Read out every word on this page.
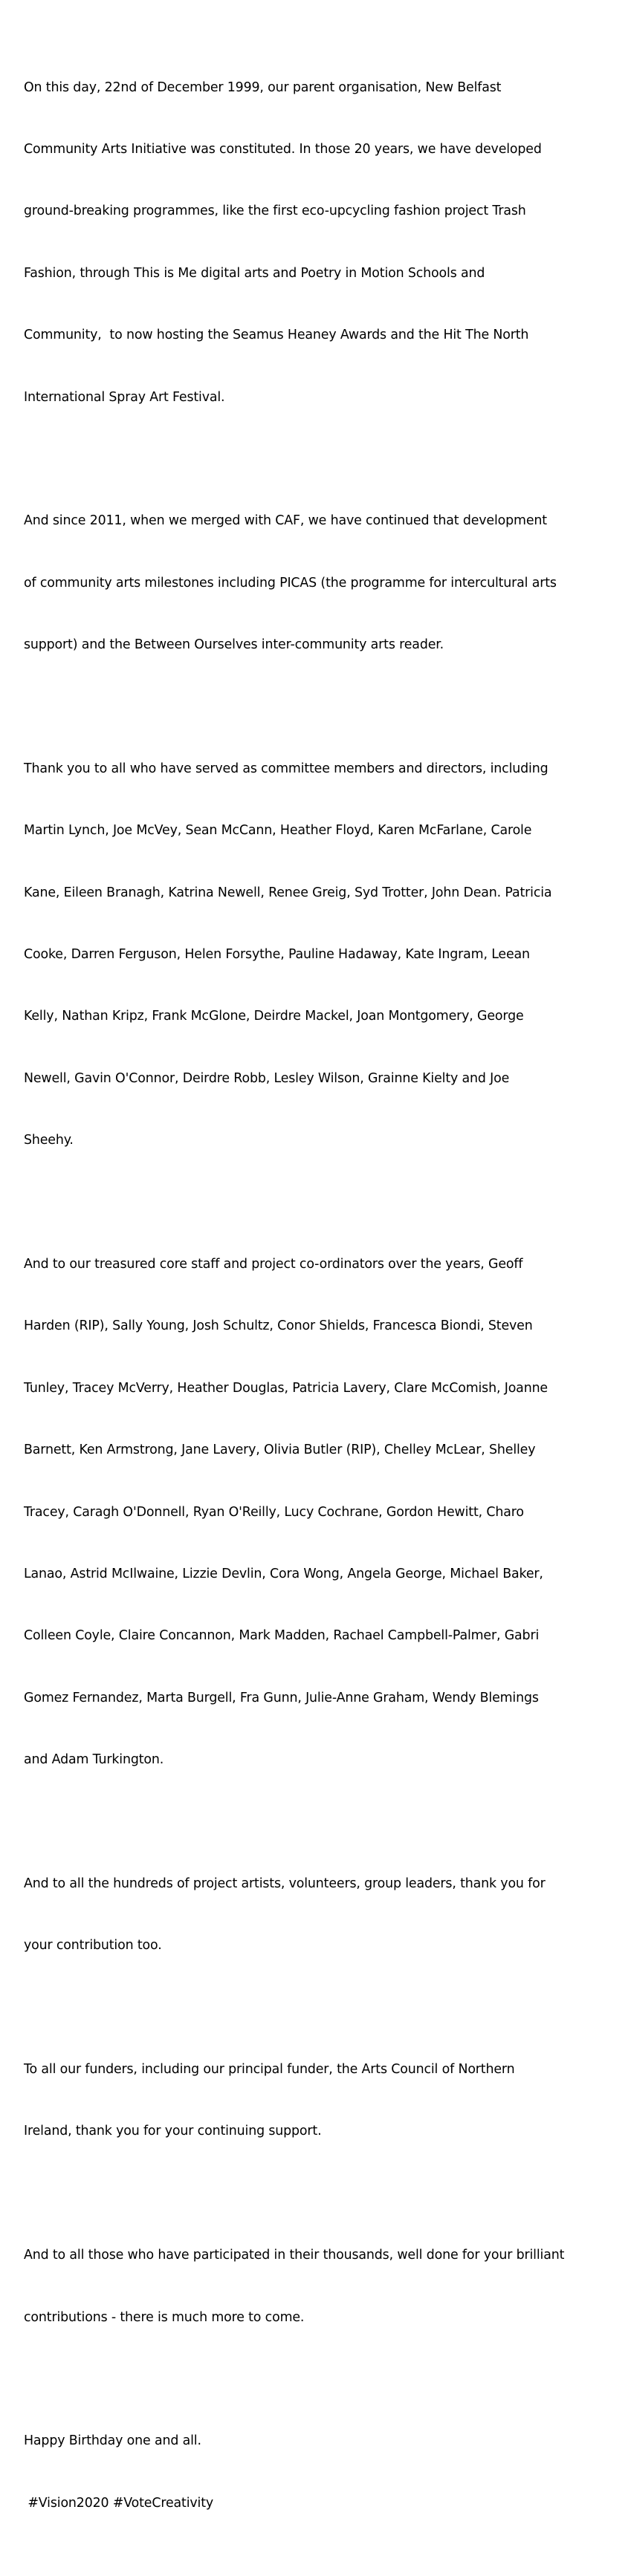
On this day, 22nd of December 1999, our parent organisation, New Belfast

Community Arts Initiative was constituted. In those 20 years, we have developed

ground-breaking programmes, like the first eco-upcycling fashion project Trash

Fashion, through This is Me digital arts and Poetry in Motion Schools and

Community,  to now hosting the Seamus Heaney Awards and the Hit The North

International Spray Art Festival.

And since 2011, when we merged with CAF, we have continued that development

of community arts milestones including PICAS (the programme for intercultural arts

support) and the Between Ourselves inter-community arts reader.

Thank you to all who have served as committee members and directors, including

Martin Lynch, Joe McVey, Sean McCann, Heather Floyd, Karen McFarlane, Carole

Kane, Eileen Branagh, Katrina Newell, Renee Greig, Syd Trotter, John Dean. Patricia

Cooke, Darren Ferguson, Helen Forsythe, Pauline Hadaway, Kate Ingram, Leean

Kelly, Nathan Kripz, Frank McGlone, Deirdre Mackel, Joan Montgomery, George

Newell, Gavin O'Connor, Deirdre Robb, Lesley Wilson, Grainne Kielty and Joe

Sheehy.

And to our treasured core staff and project co-ordinators over the years, Geoff

Harden (RIP), Sally Young, Josh Schultz, Conor Shields, Francesca Biondi, Steven

Tunley, Tracey McVerry, Heather Douglas, Patricia Lavery, Clare McComish, Joanne

Barnett, Ken Armstrong, Jane Lavery, Olivia Butler (RIP), Chelley McLear, Shelley

Tracey, Caragh O'Donnell, Ryan O'Reilly, Lucy Cochrane, Gordon Hewitt, Charo

Lanao, Astrid McIlwaine, Lizzie Devlin, Cora Wong, Angela George, Michael Baker,

Colleen Coyle, Claire Concannon, Mark Madden, Rachael Campbell-Palmer, Gabri

Gomez Fernandez, Marta Burgell, Fra Gunn, Julie-Anne Graham, Wendy Blemings

and Adam Turkington.

And to all the hundreds of project artists, volunteers, group leaders, thank you for

your contribution too.

To all our funders, including our principal funder, the Arts Council of Northern

Ireland, thank you for your continuing support.

And to all those who have participated in their thousands, well done for your brilliant

contributions - there is much more to come.

Happy Birthday one and all.

#Vision2020 #VoteCreativity
